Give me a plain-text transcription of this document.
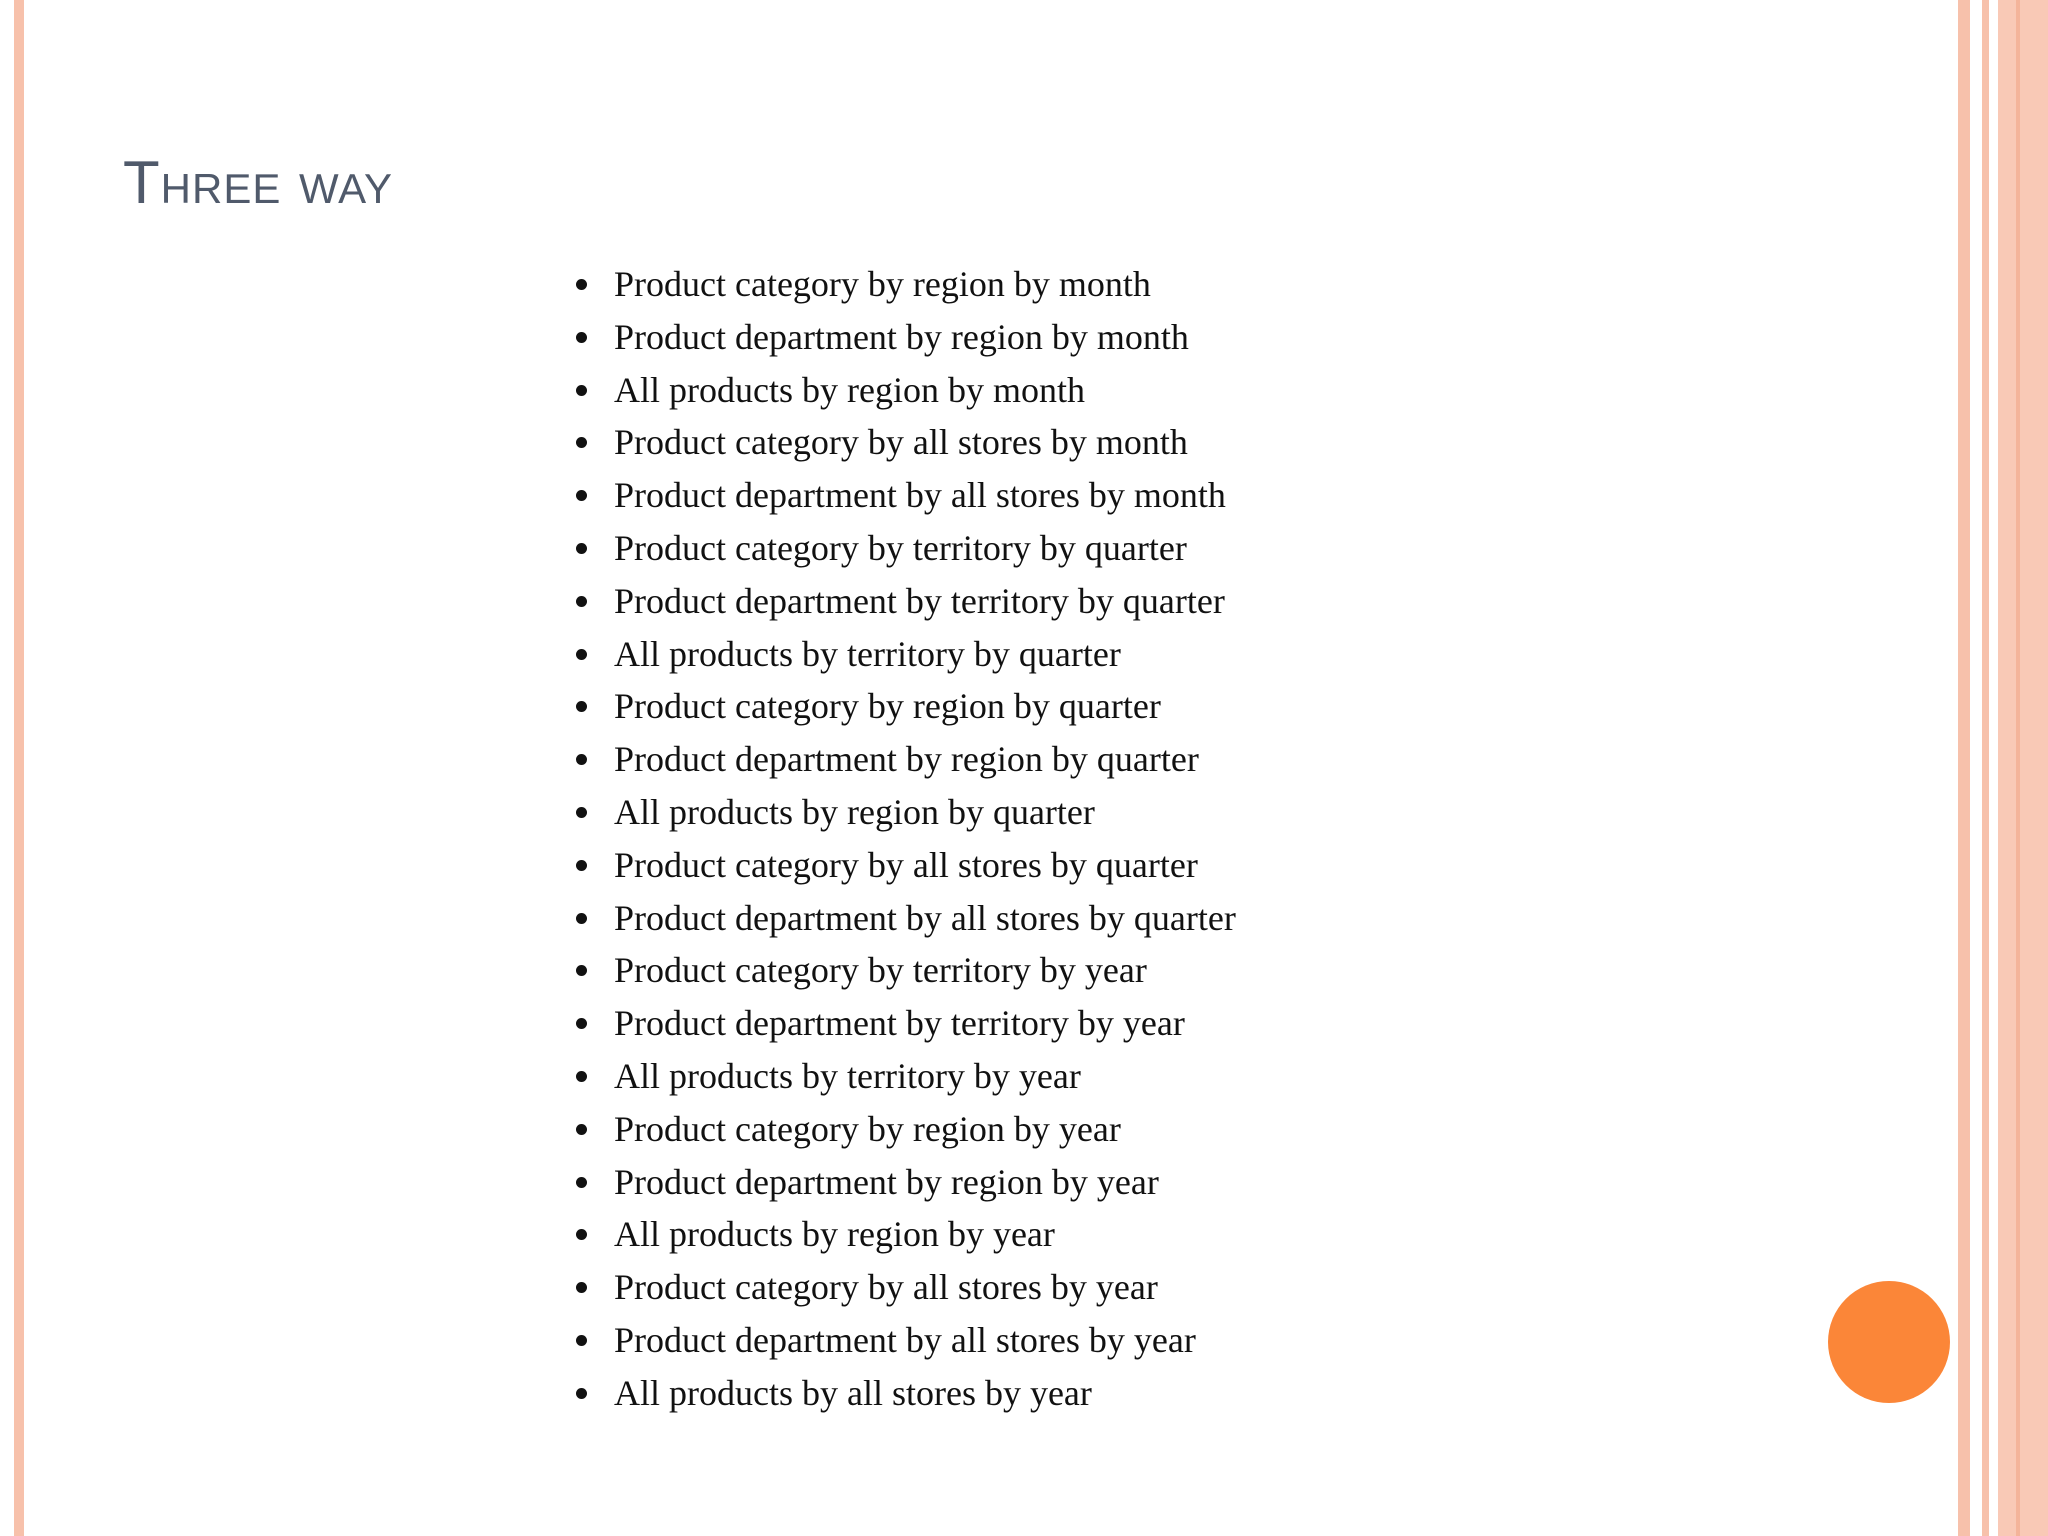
Three way
Product category by region by month
Product department by region by month
All products by region by month
Product category by all stores by month
Product department by all stores by month
Product category by territory by quarter
Product department by territory by quarter
All products by territory by quarter
Product category by region by quarter
Product department by region by quarter
All products by region by quarter
Product category by all stores by quarter
Product department by all stores by quarter
Product category by territory by year
Product department by territory by year
All products by territory by year
Product category by region by year
Product department by region by year
All products by region by year
Product category by all stores by year
Product department by all stores by year
All products by all stores by year
